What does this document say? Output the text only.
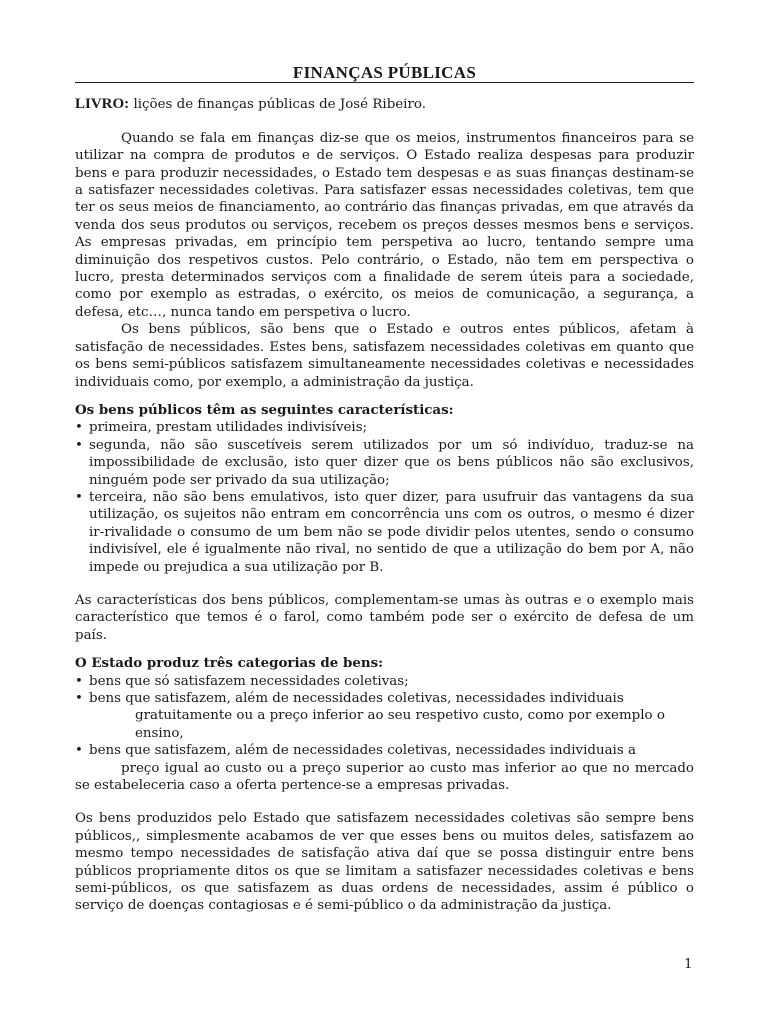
FINANÇAS PÚBLICAS
LIVRO: lições de finanças públicas de José Ribeiro.

Quando se fala em finanças diz-se que os meios, instrumentos financeiros para se utilizar na compra de produtos e de serviços. O Estado realiza despesas para produzir bens e para produzir necessidades, o Estado tem despesas e as suas finanças destinam-se a satisfazer necessidades coletivas. Para satisfazer essas necessidades coletivas, tem que ter os seus meios de financiamento, ao contrário das finanças privadas, em que através da venda dos seus produtos ou serviços, recebem os preços desses mesmos bens e serviços. As empresas privadas, em princípio tem perspetiva ao lucro, tentando sempre uma diminuição dos respetivos custos. Pelo contrário, o Estado, não tem em perspectiva o lucro, presta determinados serviços com a finalidade de serem úteis para a sociedade, como por exemplo as estradas, o exército, os meios de comunicação, a segurança, a defesa, etc…, nunca tando em perspetiva o lucro.

Os bens públicos, são bens que o Estado e outros entes públicos, afetam à satisfação de necessidades. Estes bens, satisfazem necessidades coletivas em quanto que os bens semi-públicos satisfazem simultaneamente necessidades coletivas e necessidades individuais como, por exemplo, a administração da justiça.

Os bens públicos têm as seguintes características:
• primeira, prestam utilidades indivisíveis;
• segunda, não são suscetíveis serem utilizados por um só indivíduo, traduz-se na impossibilidade de exclusão, isto quer dizer que os bens públicos não são exclusivos, ninguém pode ser privado da sua utilização;
• terceira, não são bens emulativos, isto quer dizer, para usufruir das vantagens da sua utilização, os sujeitos não entram em concorrência uns com os outros, o mesmo é dizer ir-rivalidade o consumo de um bem não se pode dividir pelos utentes, sendo o consumo indivisível, ele é igualmente não rival, no sentido de que a utilização do bem por A, não impede ou prejudica a sua utilização por B.

As características dos bens públicos, complementam-se umas às outras e o exemplo mais característico que temos é o farol, como também pode ser o exército de defesa de um país.

O Estado produz três categorias de bens:
• bens que só satisfazem necessidades coletivas;
• bens que satisfazem, além de necessidades coletivas, necessidades individuais
gratuitamente ou a preço inferior ao seu respetivo custo, como por exemplo o ensino,
• bens que satisfazem, além de necessidades coletivas, necessidades individuais a
preço igual ao custo ou a preço superior ao custo mas inferior ao que no mercado se estabeleceria caso a oferta pertence-se a empresas privadas.

Os bens produzidos pelo Estado que satisfazem necessidades coletivas são sempre bens públicos,, simplesmente acabamos de ver que esses bens ou muitos deles, satisfazem ao mesmo tempo necessidades de satisfação ativa daí que se possa distinguir entre bens públicos propriamente ditos os que se limitam a satisfazer necessidades coletivas e bens semi-públicos, os que satisfazem as duas ordens de necessidades, assim é público o serviço de doenças contagiosas e é semi-público o da administração da justiça.

1
